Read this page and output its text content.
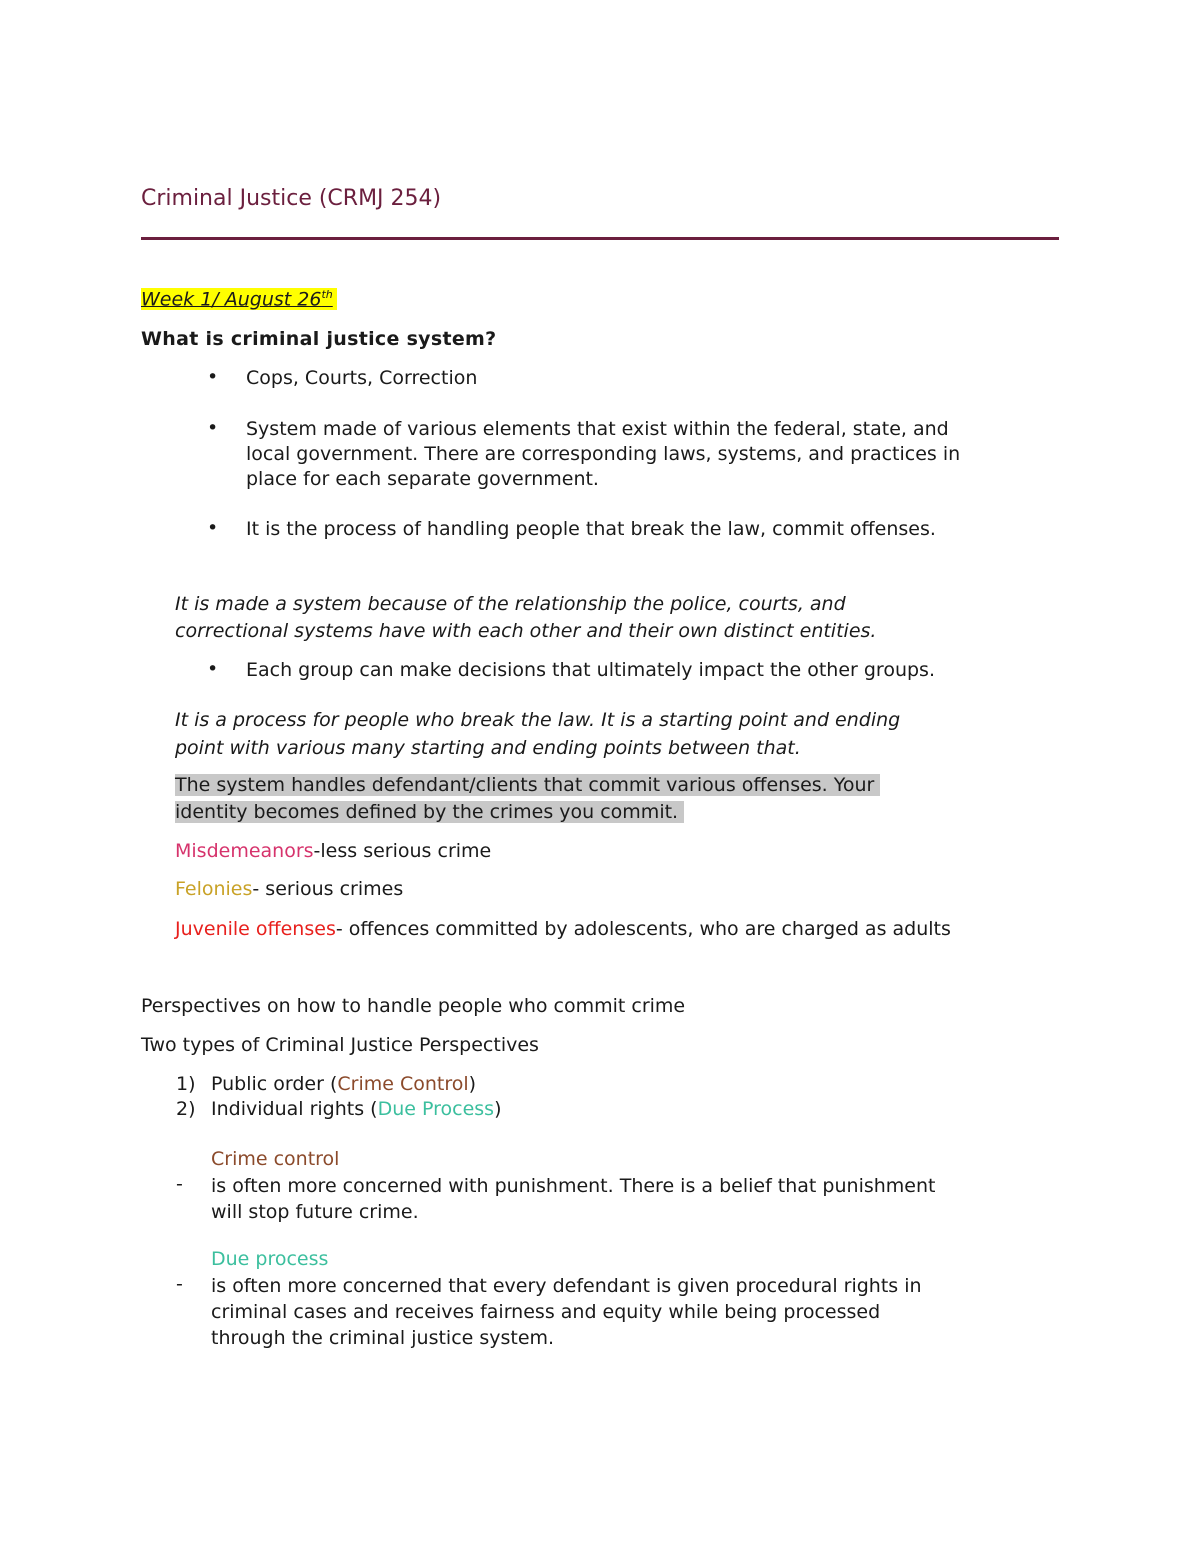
Criminal Justice (CRMJ 254)
Week 1/ August 26th
What is criminal justice system?
• Cops, Courts, Correction
• System made of various elements that exist within the federal, state, and
local government. There are corresponding laws, systems, and practices in
place for each separate government.
• It is the process of handling people that break the law, commit offenses.
It is made a system because of the relationship the police, courts, and
correctional systems have with each other and their own distinct entities.
• Each group can make decisions that ultimately impact the other groups.
It is a process for people who break the law. It is a starting point and ending
point with various many starting and ending points between that.
The system handles defendant/clients that commit various offenses. Your
identity becomes defined by the crimes you commit.
Misdemeanors-less serious crime
Felonies- serious crimes
Juvenile offenses- offences committed by adolescents, who are charged as adults
Perspectives on how to handle people who commit crime
Two types of Criminal Justice Perspectives
1) Public order (Crime Control)
2) Individual rights (Due Process)
Crime control
- is often more concerned with punishment. There is a belief that punishment
will stop future crime.
Due process
- is often more concerned that every defendant is given procedural rights in
criminal cases and receives fairness and equity while being processed
through the criminal justice system.
